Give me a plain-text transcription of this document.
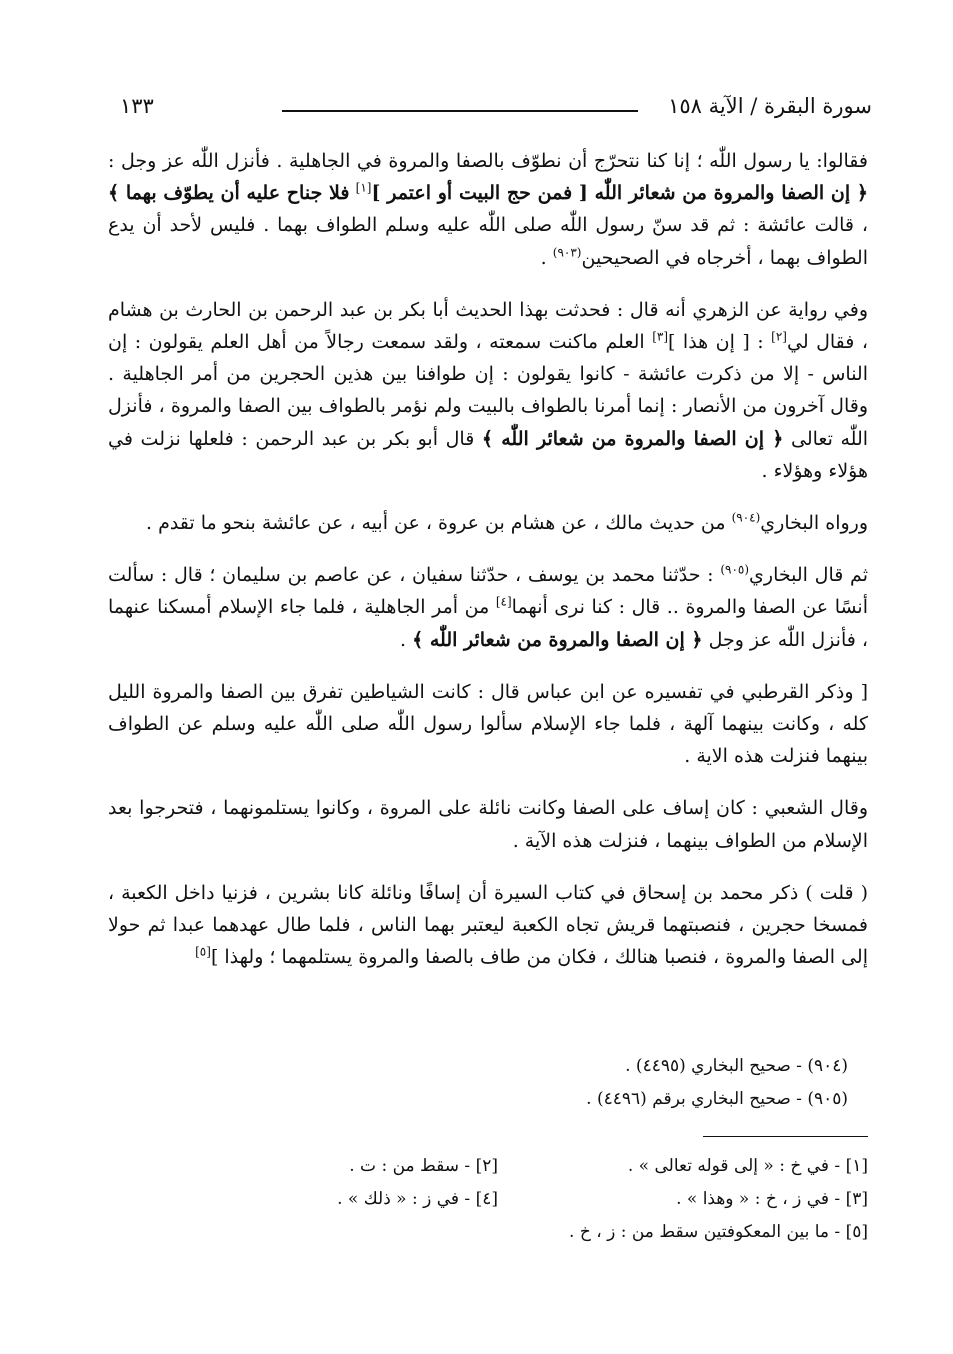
سورة البقرة / الآية ١٥٨
١٣٣

فقالوا: يا رسول اللّٰه ؛ إنا كنا نتحرّج أن نطوّف بالصفا والمروة في الجاهلية . فأنزل اللّٰه عز وجل : ﴿ إن الصفا والمروة من شعائر اللّٰه [ فمن حج البيت أو اعتمر ][١] فلا جناح عليه أن يطوّف بهما ﴾ ، قالت عائشة : ثم قد سنّ رسول اللّٰه صلى اللّٰه عليه وسلم الطواف بهما . فليس لأحد أن يدع الطواف بهما ، أخرجاه في الصحيحين$^{(٩٠٣)}$ .

وفي رواية عن الزهري أنه قال : فحدثت بهذا الحديث أبا بكر بن عبد الرحمن بن الحارث بن هشام ، فقال لي[٢] : [ إن هذا ][٣] العلم ماكنت سمعته ، ولقد سمعت رجالاً من أهل العلم يقولون : إن الناس - إلا من ذكرت عائشة - كانوا يقولون : إن طوافنا بين هذين الحجرين من أمر الجاهلية . وقال آخرون من الأنصار : إنما أمرنا بالطواف بالبيت ولم نؤمر بالطواف بين الصفا والمروة ، فأنزل اللّٰه تعالى ﴿ إن الصفا والمروة من شعائر اللّٰه ﴾ قال أبو بكر بن عبد الرحمن : فلعلها نزلت في هؤلاء وهؤلاء .

ورواه البخاري$^{(٩٠٤)}$ من حديث مالك ، عن هشام بن عروة ، عن أبيه ، عن عائشة بنحو ما تقدم .

ثم قال البخاري$^{(٩٠٥)}$ : حدّثنا محمد بن يوسف ، حدّثنا سفيان ، عن عاصم بن سليمان ؛ قال : سألت أنسًا عن الصفا والمروة .. قال : كنا نرى أنهما[٤] من أمر الجاهلية ، فلما جاء الإسلام أمسكنا عنهما ، فأنزل اللّٰه عز وجل ﴿ إن الصفا والمروة من شعائر اللّٰه ﴾ .

[ وذكر القرطبي في تفسيره عن ابن عباس قال : كانت الشياطين تفرق بين الصفا والمروة الليل كله ، وكانت بينهما آلهة ، فلما جاء الإسلام سألوا رسول اللّٰه صلى اللّٰه عليه وسلم عن الطواف بينهما فنزلت هذه الاية .

وقال الشعبي : كان إساف على الصفا وكانت نائلة على المروة ، وكانوا يستلمونهما ، فتحرجوا بعد الإسلام من الطواف بينهما ، فنزلت هذه الآية .

( قلت ) ذكر محمد بن إسحاق في كتاب السيرة أن إسافًا ونائلة كانا بشرين ، فزنيا داخل الكعبة ، فمسخا حجرين ، فنصبتهما قريش تجاه الكعبة ليعتبر بهما الناس ، فلما طال عهدهما عبدا ثم حولا إلى الصفا والمروة ، فنصبا هنالك ، فكان من طاف بالصفا والمروة يستلمهما ؛ ولهذا ][٥]

(٩٠٤) - صحيح البخاري (٤٤٩٥) .
(٩٠٥) - صحيح البخاري برقم (٤٤٩٦) .
[١] - في خ : « إلى قوله تعالى » .
[٢] - سقط من : ت .
[٣] - في ز ، خ : « وهذا » .
[٤] - في ز : « ذلك » .
[٥] - ما بين المعكوفتين سقط من : ز ، خ .
